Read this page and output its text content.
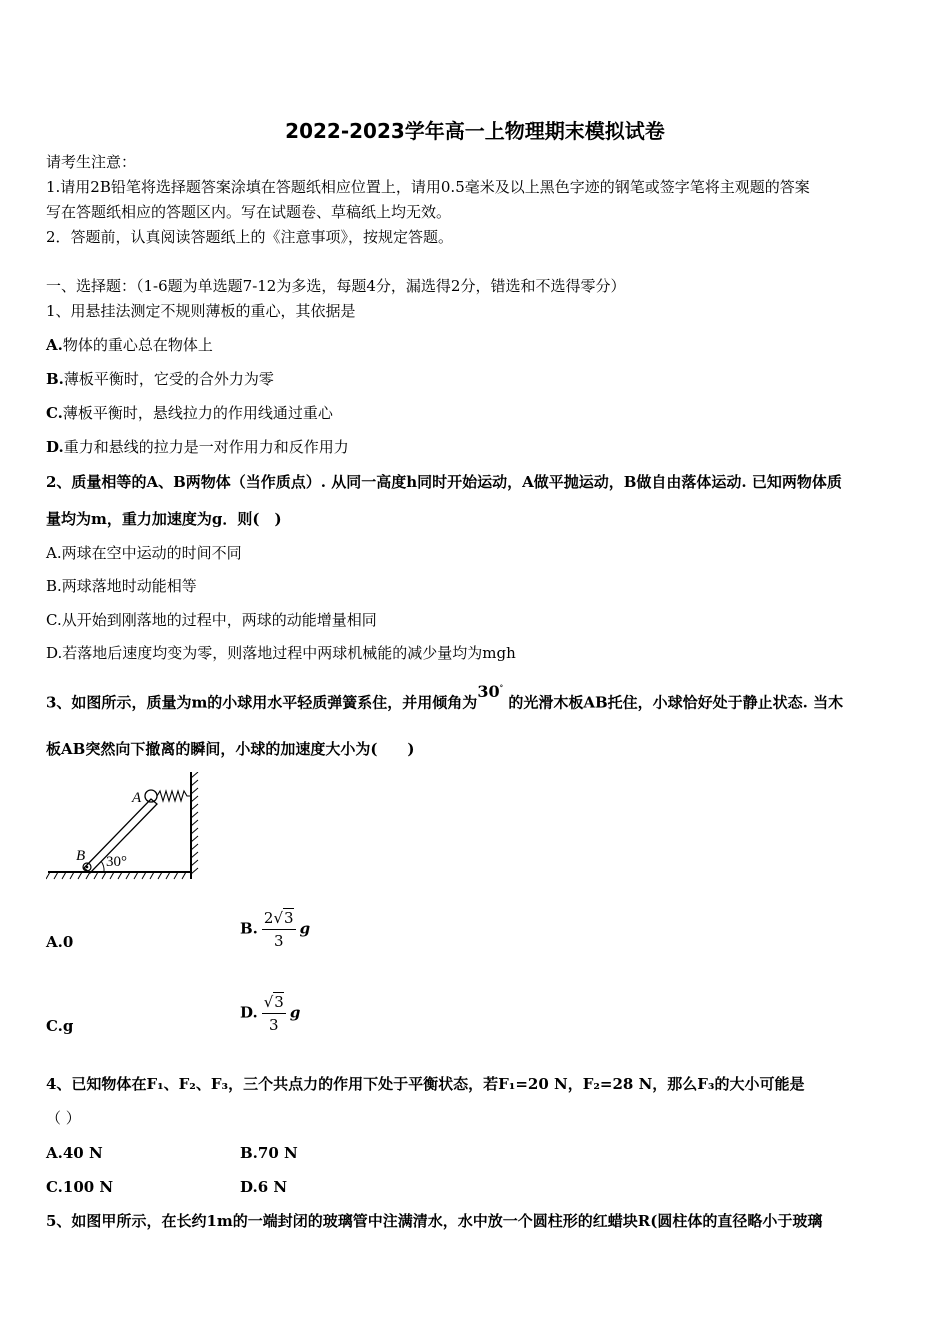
2022-2023学年高一上物理期末模拟试卷
请考生注意：
1.请用2B铅笔将选择题答案涂填在答题纸相应位置上，请用0.5毫米及以上黑色字迹的钢笔或签字笔将主观题的答案
写在答题纸相应的答题区内。写在试题卷、草稿纸上均无效。
2．答题前，认真阅读答题纸上的《注意事项》，按规定答题。
一、选择题：（1-6题为单选题7-12为多选，每题4分，漏选得2分，错选和不选得零分）
1、用悬挂法测定不规则薄板的重心，其依据是
A.物体的重心总在物体上
B.薄板平衡时，它受的合外力为零
C.薄板平衡时，悬线拉力的作用线通过重心
D.重力和悬线的拉力是一对作用力和反作用力
2、质量相等的A、B两物体（当作质点）. 从同一高度h同时开始运动，A做平抛运动，B做自由落体运动. 已知两物体质
量均为m，重力加速度为g．则(　)
A.两球在空中运动的时间不同
B.两球落地时动能相等
C.从开始到刚落地的过程中，两球的动能增量相同
D.若落地后速度均变为零，则落地过程中两球机械能的减少量均为mgh
3、如图所示，质量为m的小球用水平轻质弹簧系住，并用倾角为30° 的光滑木板AB托住，小球恰好处于静止状态. 当木
板AB突然向下撤离的瞬间，小球的加速度大小为(　　)
A
B 30°
A.0
B. $\frac{2√3}{3}$ g
C.g
D. $\frac{√3}{3}$ g
4、已知物体在F₁、F₂、F₃，三个共点力的作用下处于平衡状态，若F₁=20 N，F₂=28 N，那么F₃的大小可能是
（ ）
A.40 N	B.70 N
C.100 N	D.6 N
5、如图甲所示，在长约1m的一端封闭的玻璃管中注满清水，水中放一个圆柱形的红蜡块R(圆柱体的直径略小于玻璃
